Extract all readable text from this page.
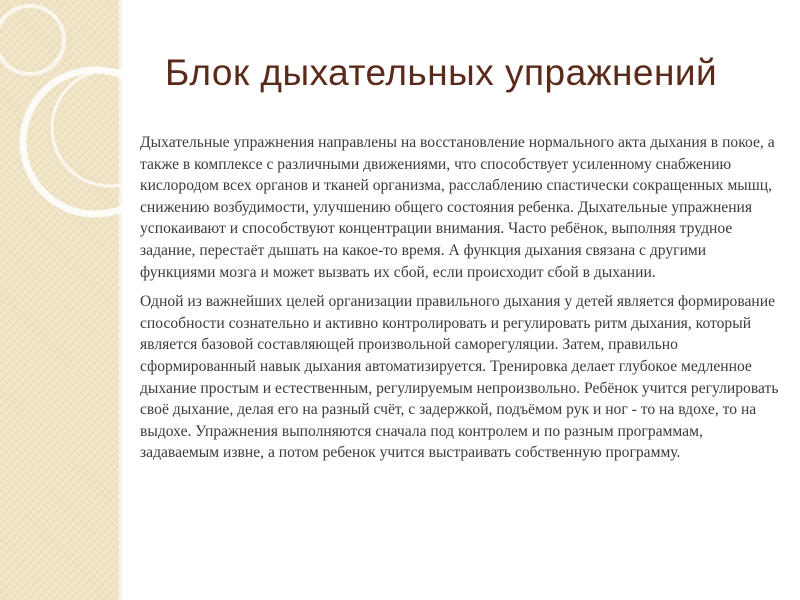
Блок дыхательных упражнений

Дыхательные упражнения направлены на восстановление нормального акта дыхания в покое, а также в комплексе с различными движениями, что способствует усиленному снабжению кислородом всех органов и тканей организма, расслаблению спастически сокращенных мышц, снижению возбудимости, улучшению общего состояния ребенка. Дыхательные упражнения успокаивают и способствуют концентрации внимания. Часто ребёнок, выполняя трудное задание, перестаёт дышать на какое-то время. А функция дыхания связана с другими функциями мозга и может вызвать их сбой, если происходит сбой в дыхании.

Одной из важнейших целей организации правильного дыхания у детей является формирование способности сознательно и активно контролировать и регулировать ритм дыхания, который является базовой составляющей произвольной саморегуляции. Затем, правильно сформированный навык дыхания автоматизируется. Тренировка делает глубокое медленное дыхание простым и естественным, регулируемым непроизвольно. Ребёнок учится регулировать своё дыхание, делая его на разный счёт, с задержкой, подъёмом рук и ног - то на вдохе, то на выдохе. Упражнения выполняются сначала под контролем и по разным программам, задаваемым извне, а потом ребенок учится выстраивать собственную программу.
